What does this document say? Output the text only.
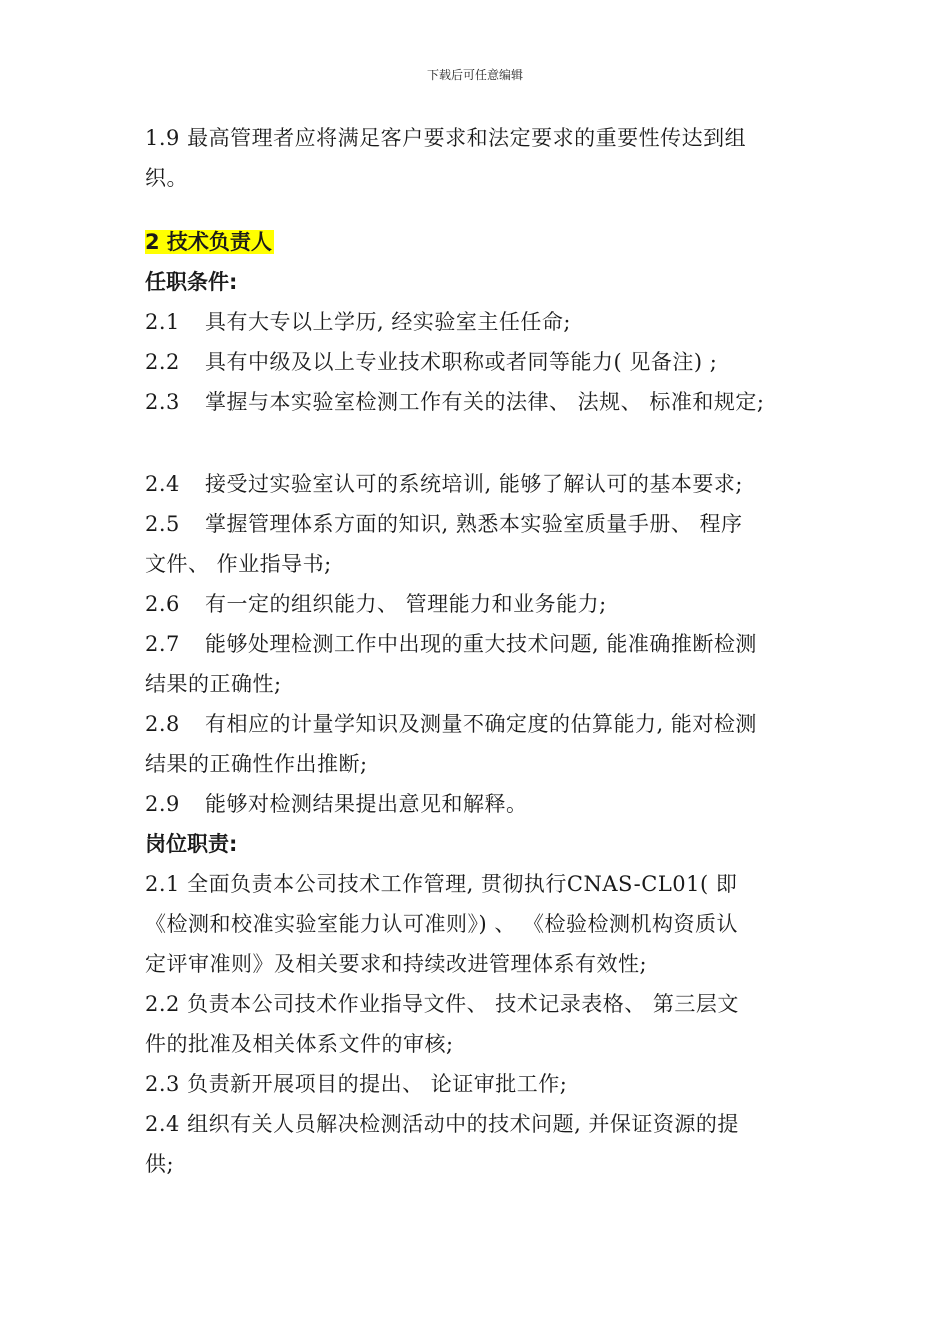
下载后可任意编辑

1.9 最高管理者应将满足客户要求和法定要求的重要性传达到组

织。

2 技术负责人

任职条件:

2.1 具有大专以上学历, 经实验室主任任命;

2.2 具有中级及以上专业技术职称或者同等能力( 见备注) ;

2.3 掌握与本实验室检测工作有关的法律、 法规、 标准和规定;

2.4 接受过实验室认可的系统培训, 能够了解认可的基本要求;

2.5 掌握管理体系方面的知识, 熟悉本实验室质量手册、 程序

文件、 作业指导书;

2.6 有一定的组织能力、 管理能力和业务能力;

2.7 能够处理检测工作中出现的重大技术问题, 能准确推断检测

结果的正确性;

2.8 有相应的计量学知识及测量不确定度的估算能力, 能对检测

结果的正确性作出推断;

2.9 能够对检测结果提出意见和解释。

岗位职责:

2.1 全面负责本公司技术工作管理, 贯彻执行CNAS-CL01( 即

《检测和校准实验室能力认可准则》) 、 《检验检测机构资质认

定评审准则》及相关要求和持续改进管理体系有效性;

2.2 负责本公司技术作业指导文件、 技术记录表格、 第三层文

件的批准及相关体系文件的审核;

2.3 负责新开展项目的提出、 论证审批工作;

2.4 组织有关人员解决检测活动中的技术问题, 并保证资源的提

供;
